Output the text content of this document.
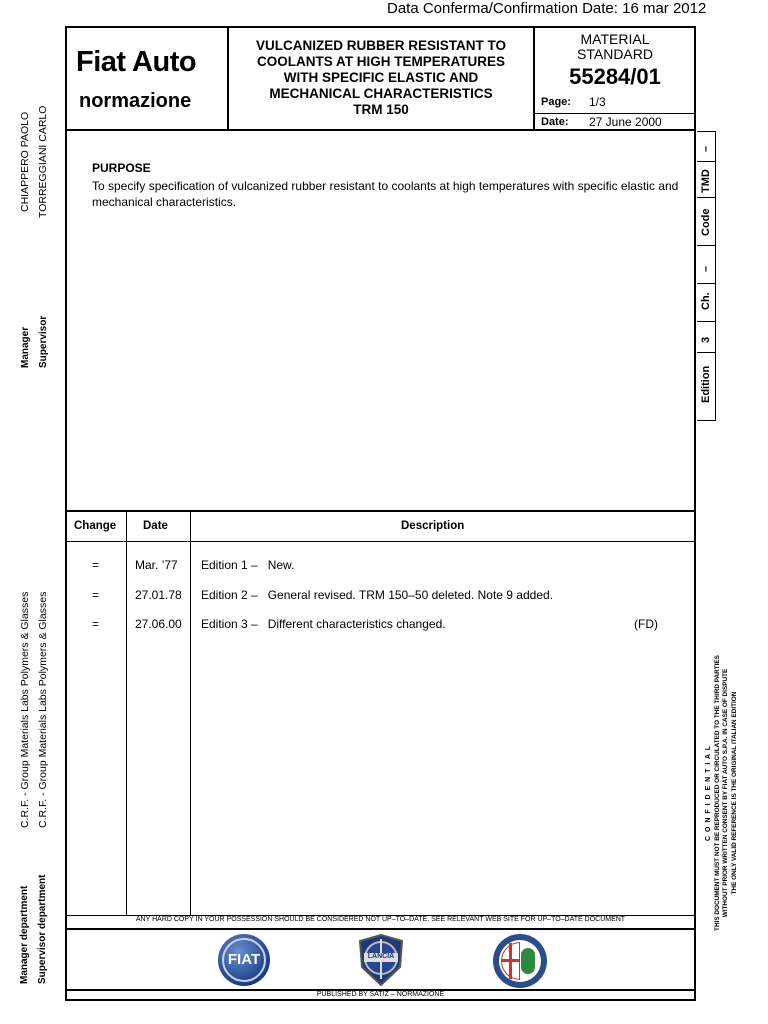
Data Conferma/Confirmation Date: 16 mar 2012
Fiat Auto
normazione
VULCANIZED RUBBER RESISTANT TO
COOLANTS AT HIGH TEMPERATURES
WITH SPECIFIC ELASTIC AND
MECHANICAL CHARACTERISTICS
TRM 150
MATERIAL
STANDARD
55284/01
Page: 1/3
Date: 27 June 2000
PURPOSE
To specify specification of vulcanized rubber resistant to coolants at high temperatures with specific elastic and mechanical characteristics.
–
TMD
Code
–
Ch.
3
Edition
CHIAPPERO PAOLO TORREGGIANI CARLO
Manager Supervisor
C.R.F. - Group Materials Labs Polymers & Glasses C.R.F. - Group Materials Labs Polymers & Glasses
Manager department Supervisor department
Change Date	Description
=	Mar. ’77 Edition 1 –   New.
=	27.01.78 Edition 2 –   General revised. TRM 150–50 deleted. Note 9 added.
=	27.06.00 Edition 3 –   Different characteristics changed.	(FD)
ANY HARD COPY IN YOUR POSSESSION SHOULD BE CONSIDERED NOT UP–TO–DATE. SEE RELEVANT WEB SITE FOR UP–TO–DATE DOCUMENT
PUBLISHED BY SATIZ – NORMAZIONE
FIAT	LANCIA
C O N F I D E N T I A L THIS DOCUMENT MUST NOT BE REPRODUCED OR CIRCULATED TO THE THIRD PARTIES WITHOUT PRIOR WRITTEN CONSENT BY FIAT AUTO S.P.A. IN CASE OF DISPUTE THE ONLY VALID REFERENCE IS THE ORIGINAL ITALIAN EDITION
